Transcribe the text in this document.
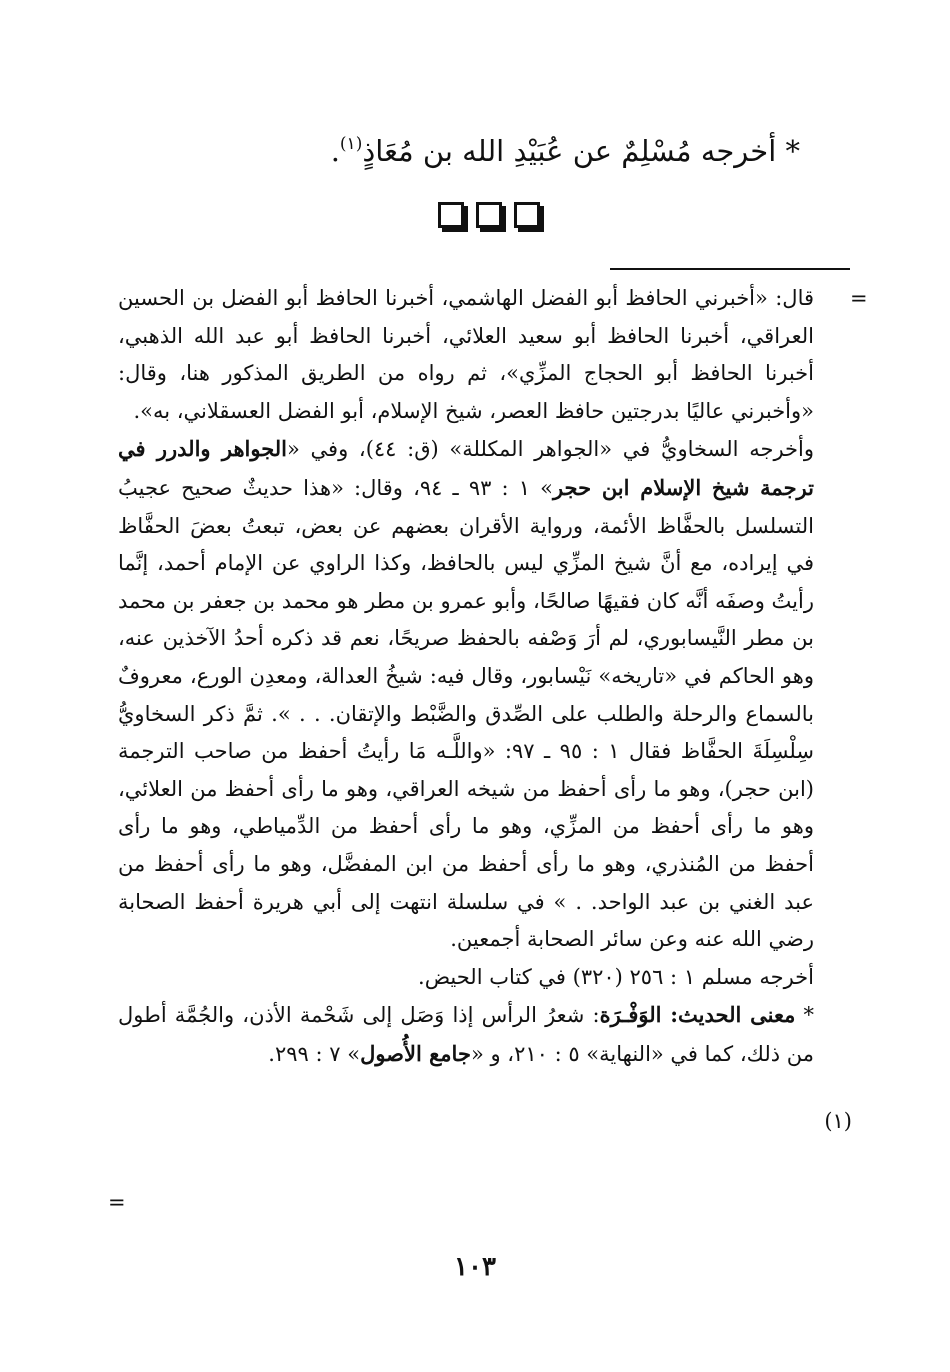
* أخرجه مُسْلِمٌ عن عُبَيْدِ الله بن مُعَاذٍ$^{(١)}$.
=

قال: «أخبرني الحافظ أبو الفضل الهاشمي، أخبرنا الحافظ أبو الفضل بن الحسين العراقي، أخبرنا الحافظ أبو سعيد العلائي، أخبرنا الحافظ أبو عبد الله الذهبي، أخبرنا الحافظ أبو الحجاج المزِّي»، ثم رواه من الطريق المذكور هنا، وقال: «وأخبرني عاليًا بدرجتين حافظ العصر، شيخ الإسلام، أبو الفضل العسقلاني، به».

وأخرجه السخاويُّ في «الجواهر المكللة» (ق: ٤٤)، وفي «الجواهر والدرر في ترجمة شيخ الإسلام ابن حجر» ١ : ٩٣ ـ ٩٤، وقال: «هذا حديثٌ صحيح عجيبُ التسلسل بالحفَّاظ الأئمة، ورواية الأقران بعضهم عن بعض، تبعتُ بعضَ الحفَّاظ في إيراده، مع أنَّ شيخ المزِّي ليس بالحافظ، وكذا الراوي عن الإمام أحمد، إنَّما رأيتُ وصفَه أنَّه كان فقيهًا صالحًا، وأبو عمرو بن مطر هو محمد بن جعفر بن محمد بن مطر النَّيسابوري، لم أرَ وَصْفه بالحفظ صريحًا، نعم قد ذكره أحدُ الآخذين عنه، وهو الحاكم في «تاريخه» نَيْسابور، وقال فيه: شيخُ العدالة، ومعدِن الورع، معروفٌ بالسماع والرحلة والطلب على الصِّدق والضَّبْط والإتقان. . . ». ثمَّ ذكر السخاويُّ سِلْسِلَةَ الحفَّاظ فقال ١ : ٩٥ ـ ٩٧: «واللَّـه مَا رأيتُ أحفظ من صاحب الترجمة (ابن حجر)، وهو ما رأى أحفظ من شيخه العراقي، وهو ما رأى أحفظ من العلائي، وهو ما رأى أحفظ من المزِّي، وهو ما رأى أحفظ من الدِّمياطي، وهو ما رأى أحفظ من المُنذري، وهو ما رأى أحفظ من ابن المفضَّل، وهو ما رأى أحفظ من عبد الغني بن عبد الواحد. . » في سلسلة انتهت إلى أبي هريرة أحفظ الصحابة رضي الله عنه وعن سائر الصحابة أجمعين.

أخرجه مسلم ١ : ٢٥٦ (٣٢٠) في كتاب الحيض.

* معنى الحديث: الوَفْـرَة: شعرُ الرأس إذا وَصَل إلى شَحْمة الأذن، والجُمَّة أطول من ذلك، كما في «النهاية» ٥ : ٢١٠، و «جامع الأُصول» ٧ : ٢٩٩.

(١)
=
١٠٣
